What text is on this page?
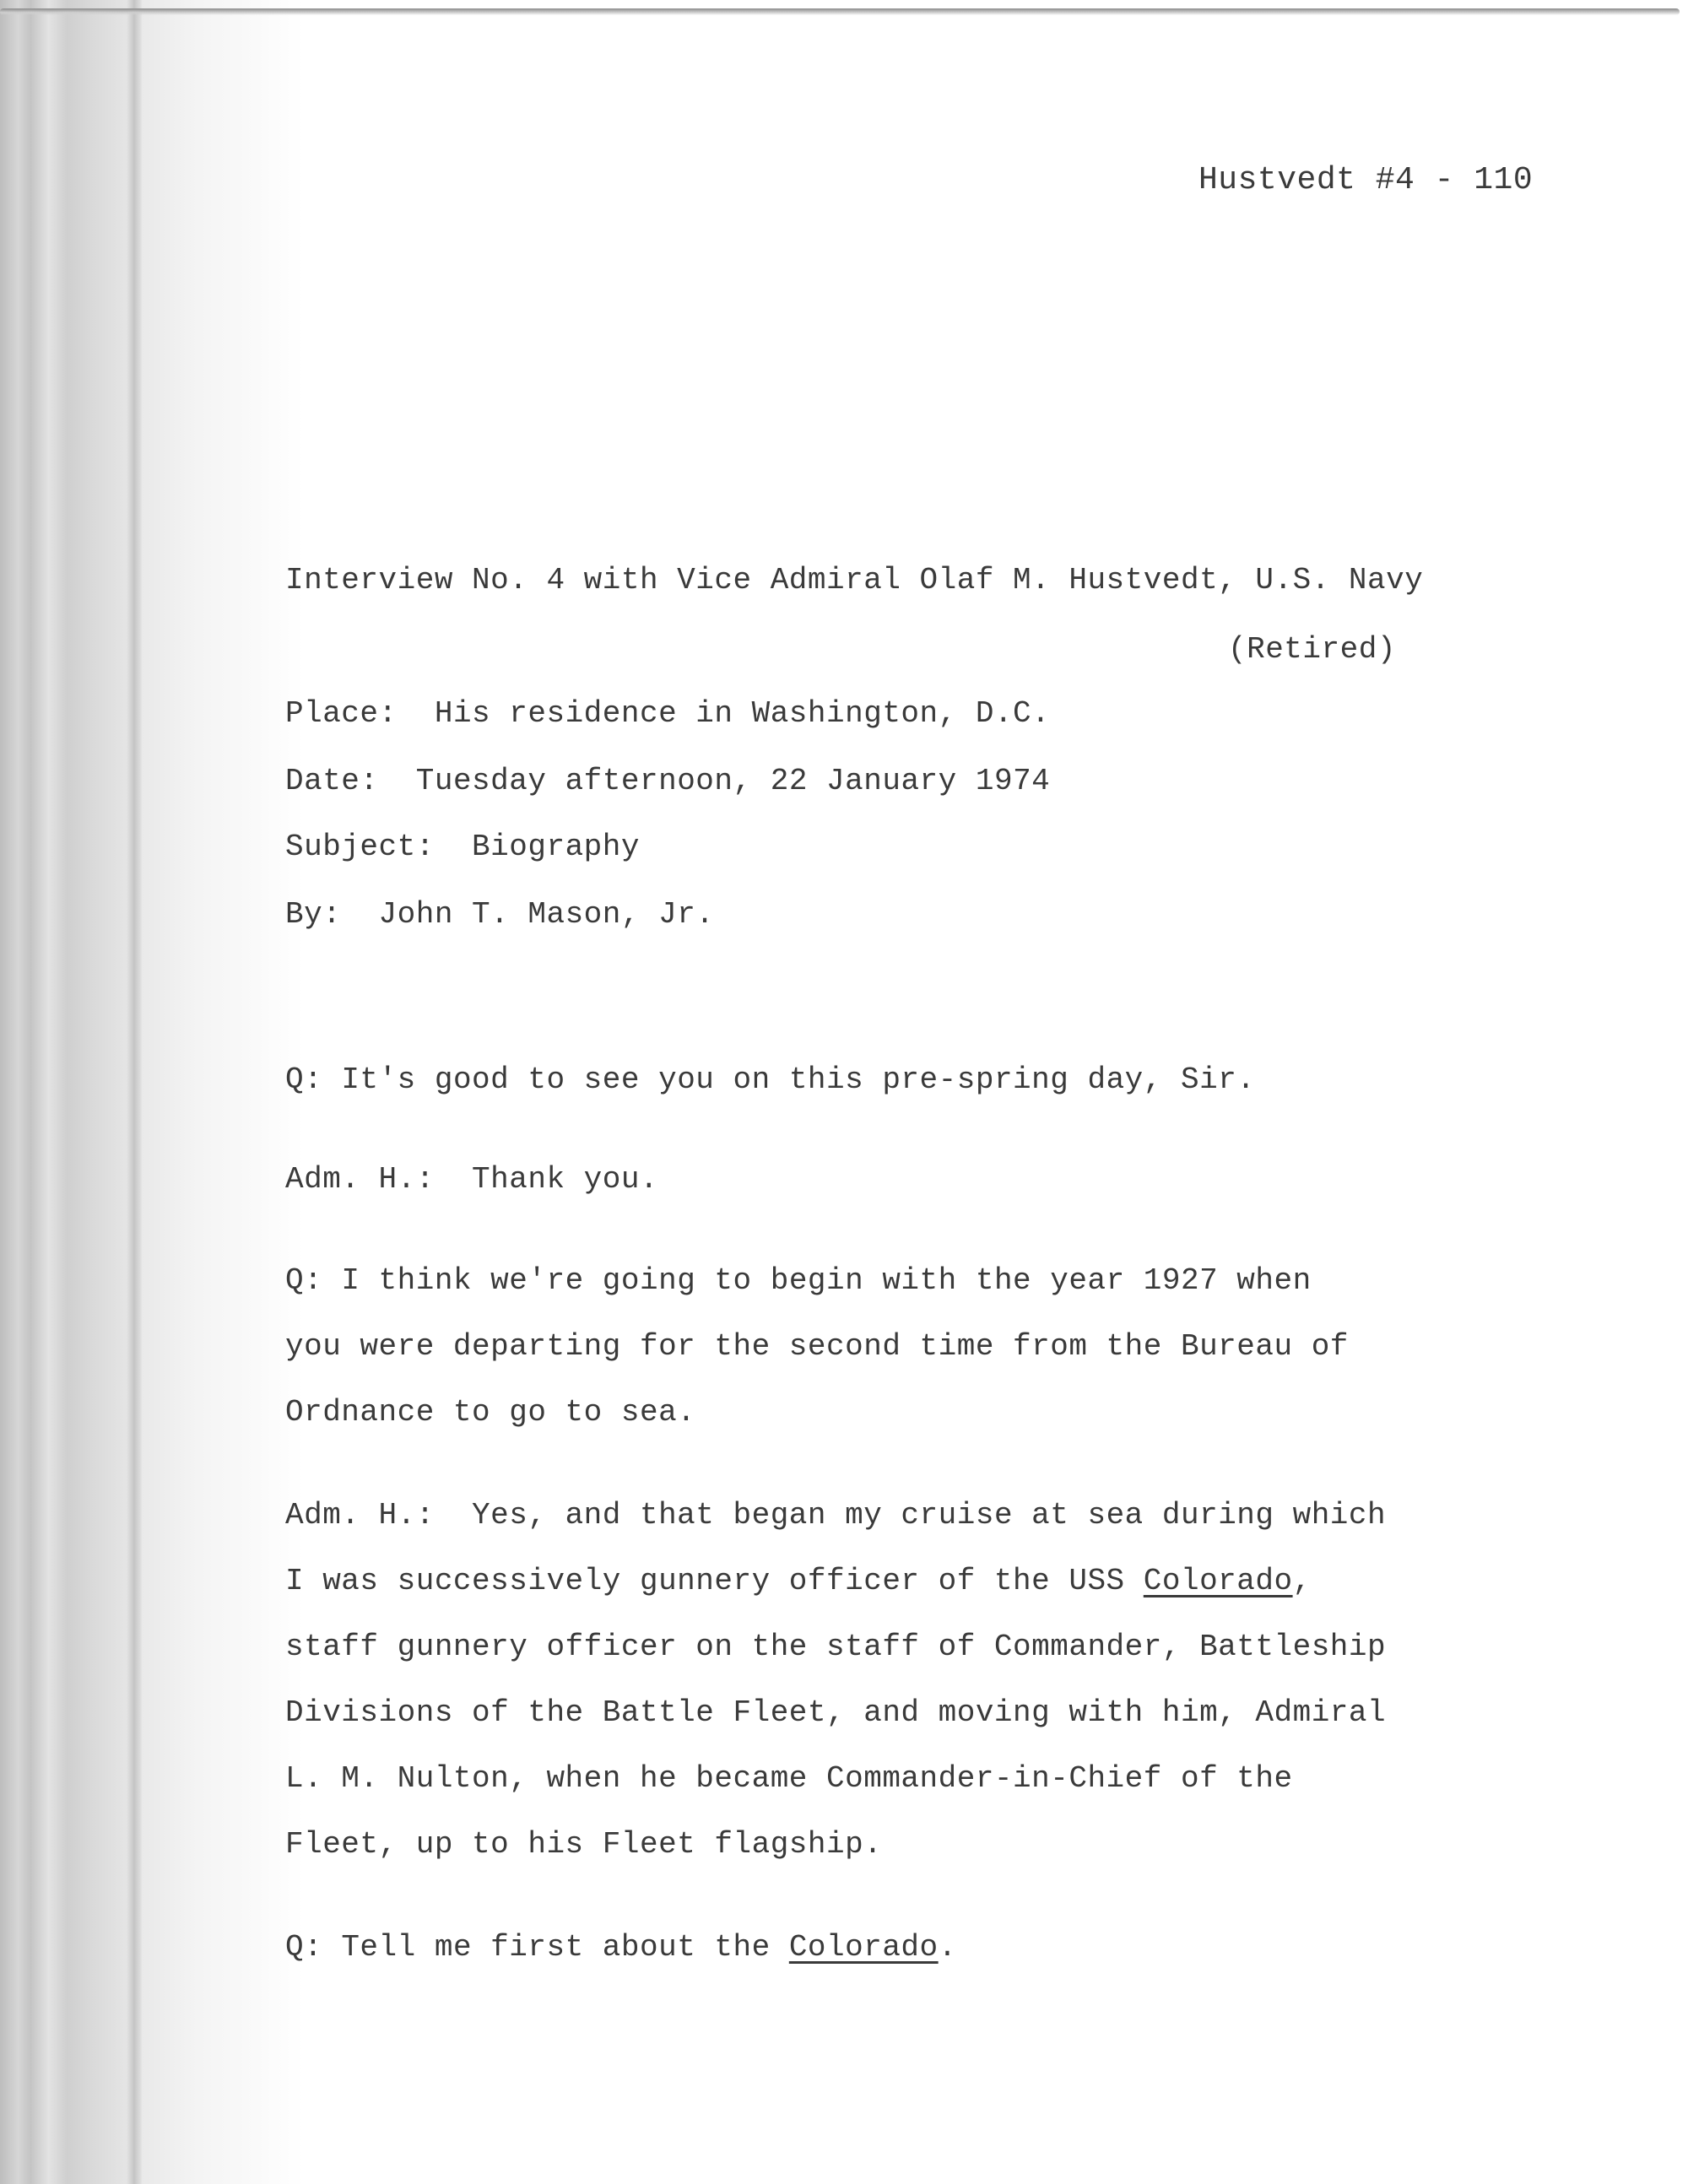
Hustvedt #4 - 110
Interview No. 4 with Vice Admiral Olaf M. Hustvedt, U.S. Navy
(Retired)
Place: His residence in Washington, D.C.
Date: Tuesday afternoon, 22 January 1974
Subject: Biography
By: John T. Mason, Jr.
Q: It's good to see you on this pre-spring day, Sir.
Adm. H.: Thank you.
Q: I think we're going to begin with the year 1927 when
you were departing for the second time from the Bureau of
Ordnance to go to sea.
Adm. H.: Yes, and that began my cruise at sea during which
I was successively gunnery officer of the USS Colorado,
staff gunnery officer on the staff of Commander, Battleship
Divisions of the Battle Fleet, and moving with him, Admiral
L. M. Nulton, when he became Commander-in-Chief of the
Fleet, up to his Fleet flagship.
Q: Tell me first about the Colorado.
